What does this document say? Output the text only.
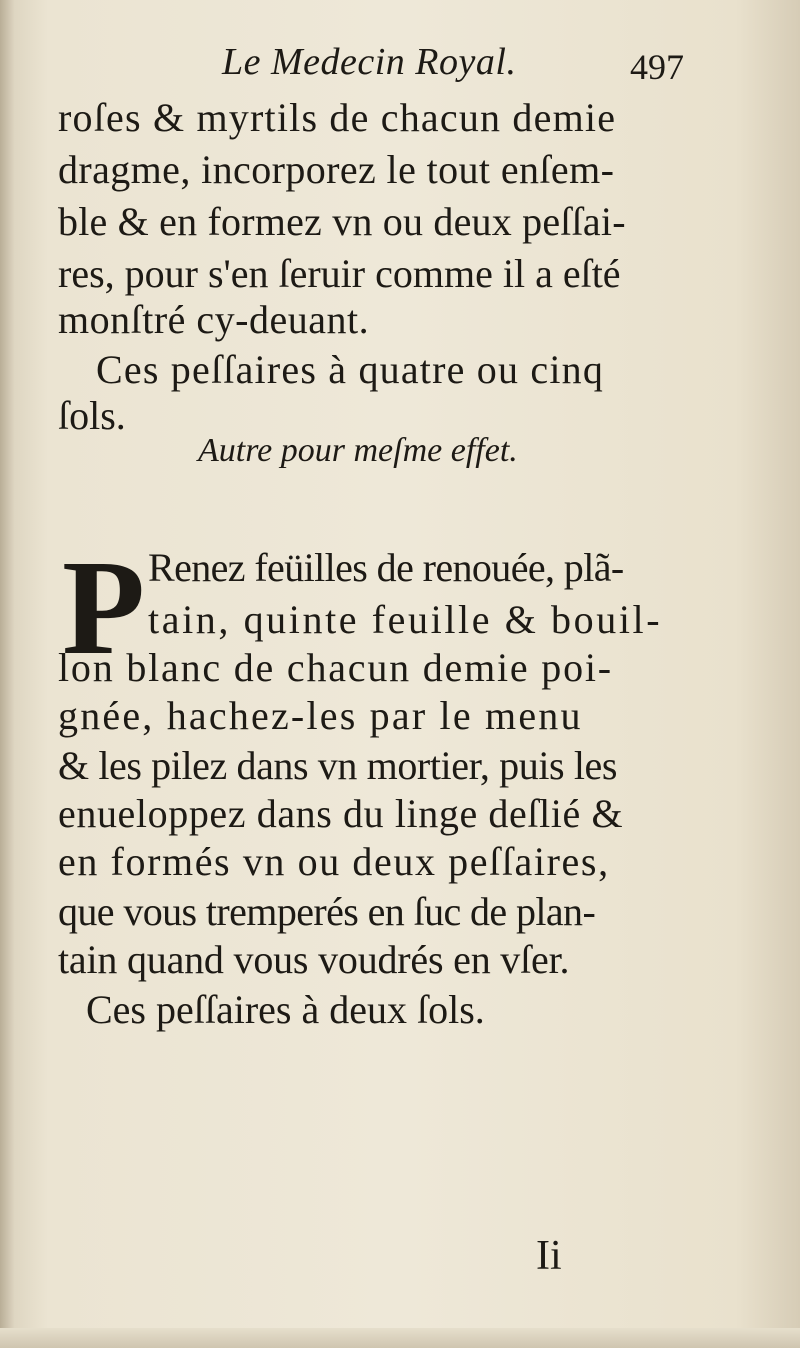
Le Medecin Royal.	497
roſes & myrtils de chacun demie
dragme, incorporez le tout enſem-
ble & en formez vn ou deux peſſai-
res, pour s'en ſeruir comme il a eſté
monſtré cy-deuant.
Ces peſſaires à quatre ou cinq
ſols.
Autre pour meſme effet.
P Renez feüilles de renouée, plã-
tain, quinte feuille & bouil-
lon blanc de chacun demie poi-
gnée, hachez-les par le menu
& les pilez dans vn mortier, puis les
enueloppez dans du linge deſlié &
en formés vn ou deux peſſaires,
que vous tremperés en ſuc de plan-
tain quand vous voudrés en vſer.
Ces peſſaires à deux ſols.
Ii
